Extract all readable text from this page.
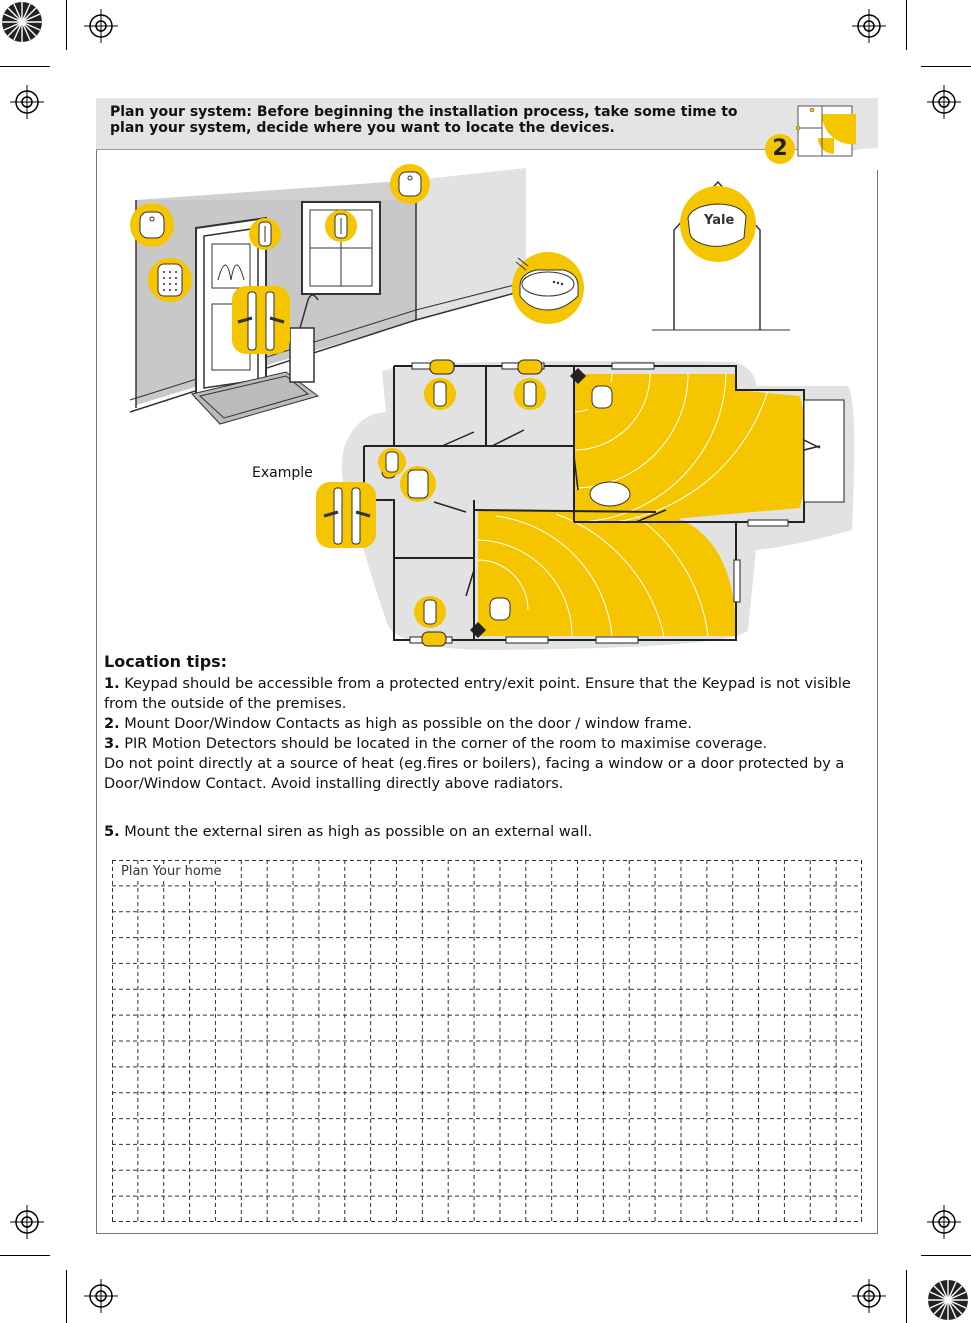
Plan your system: Before beginning the installation process, take some time to plan your system, decide where you want to locate the devices.
2
Yale
Example
Location tips:

1. Keypad should be accessible from a protected entry/exit point. Ensure that the Keypad is not visible from the outside of the premises.

2. Mount Door/Window Contacts as high as possible on the door / window frame.

3. PIR Motion Detectors should be located in the corner of the room to maximise coverage.

Do not point directly at a source of heat (eg.fires or boilers), facing a window or a door protected by a Door/Window Contact. Avoid installing directly above radiators.

5. Mount the external siren as high as possible on an external wall.

Plan Your home
